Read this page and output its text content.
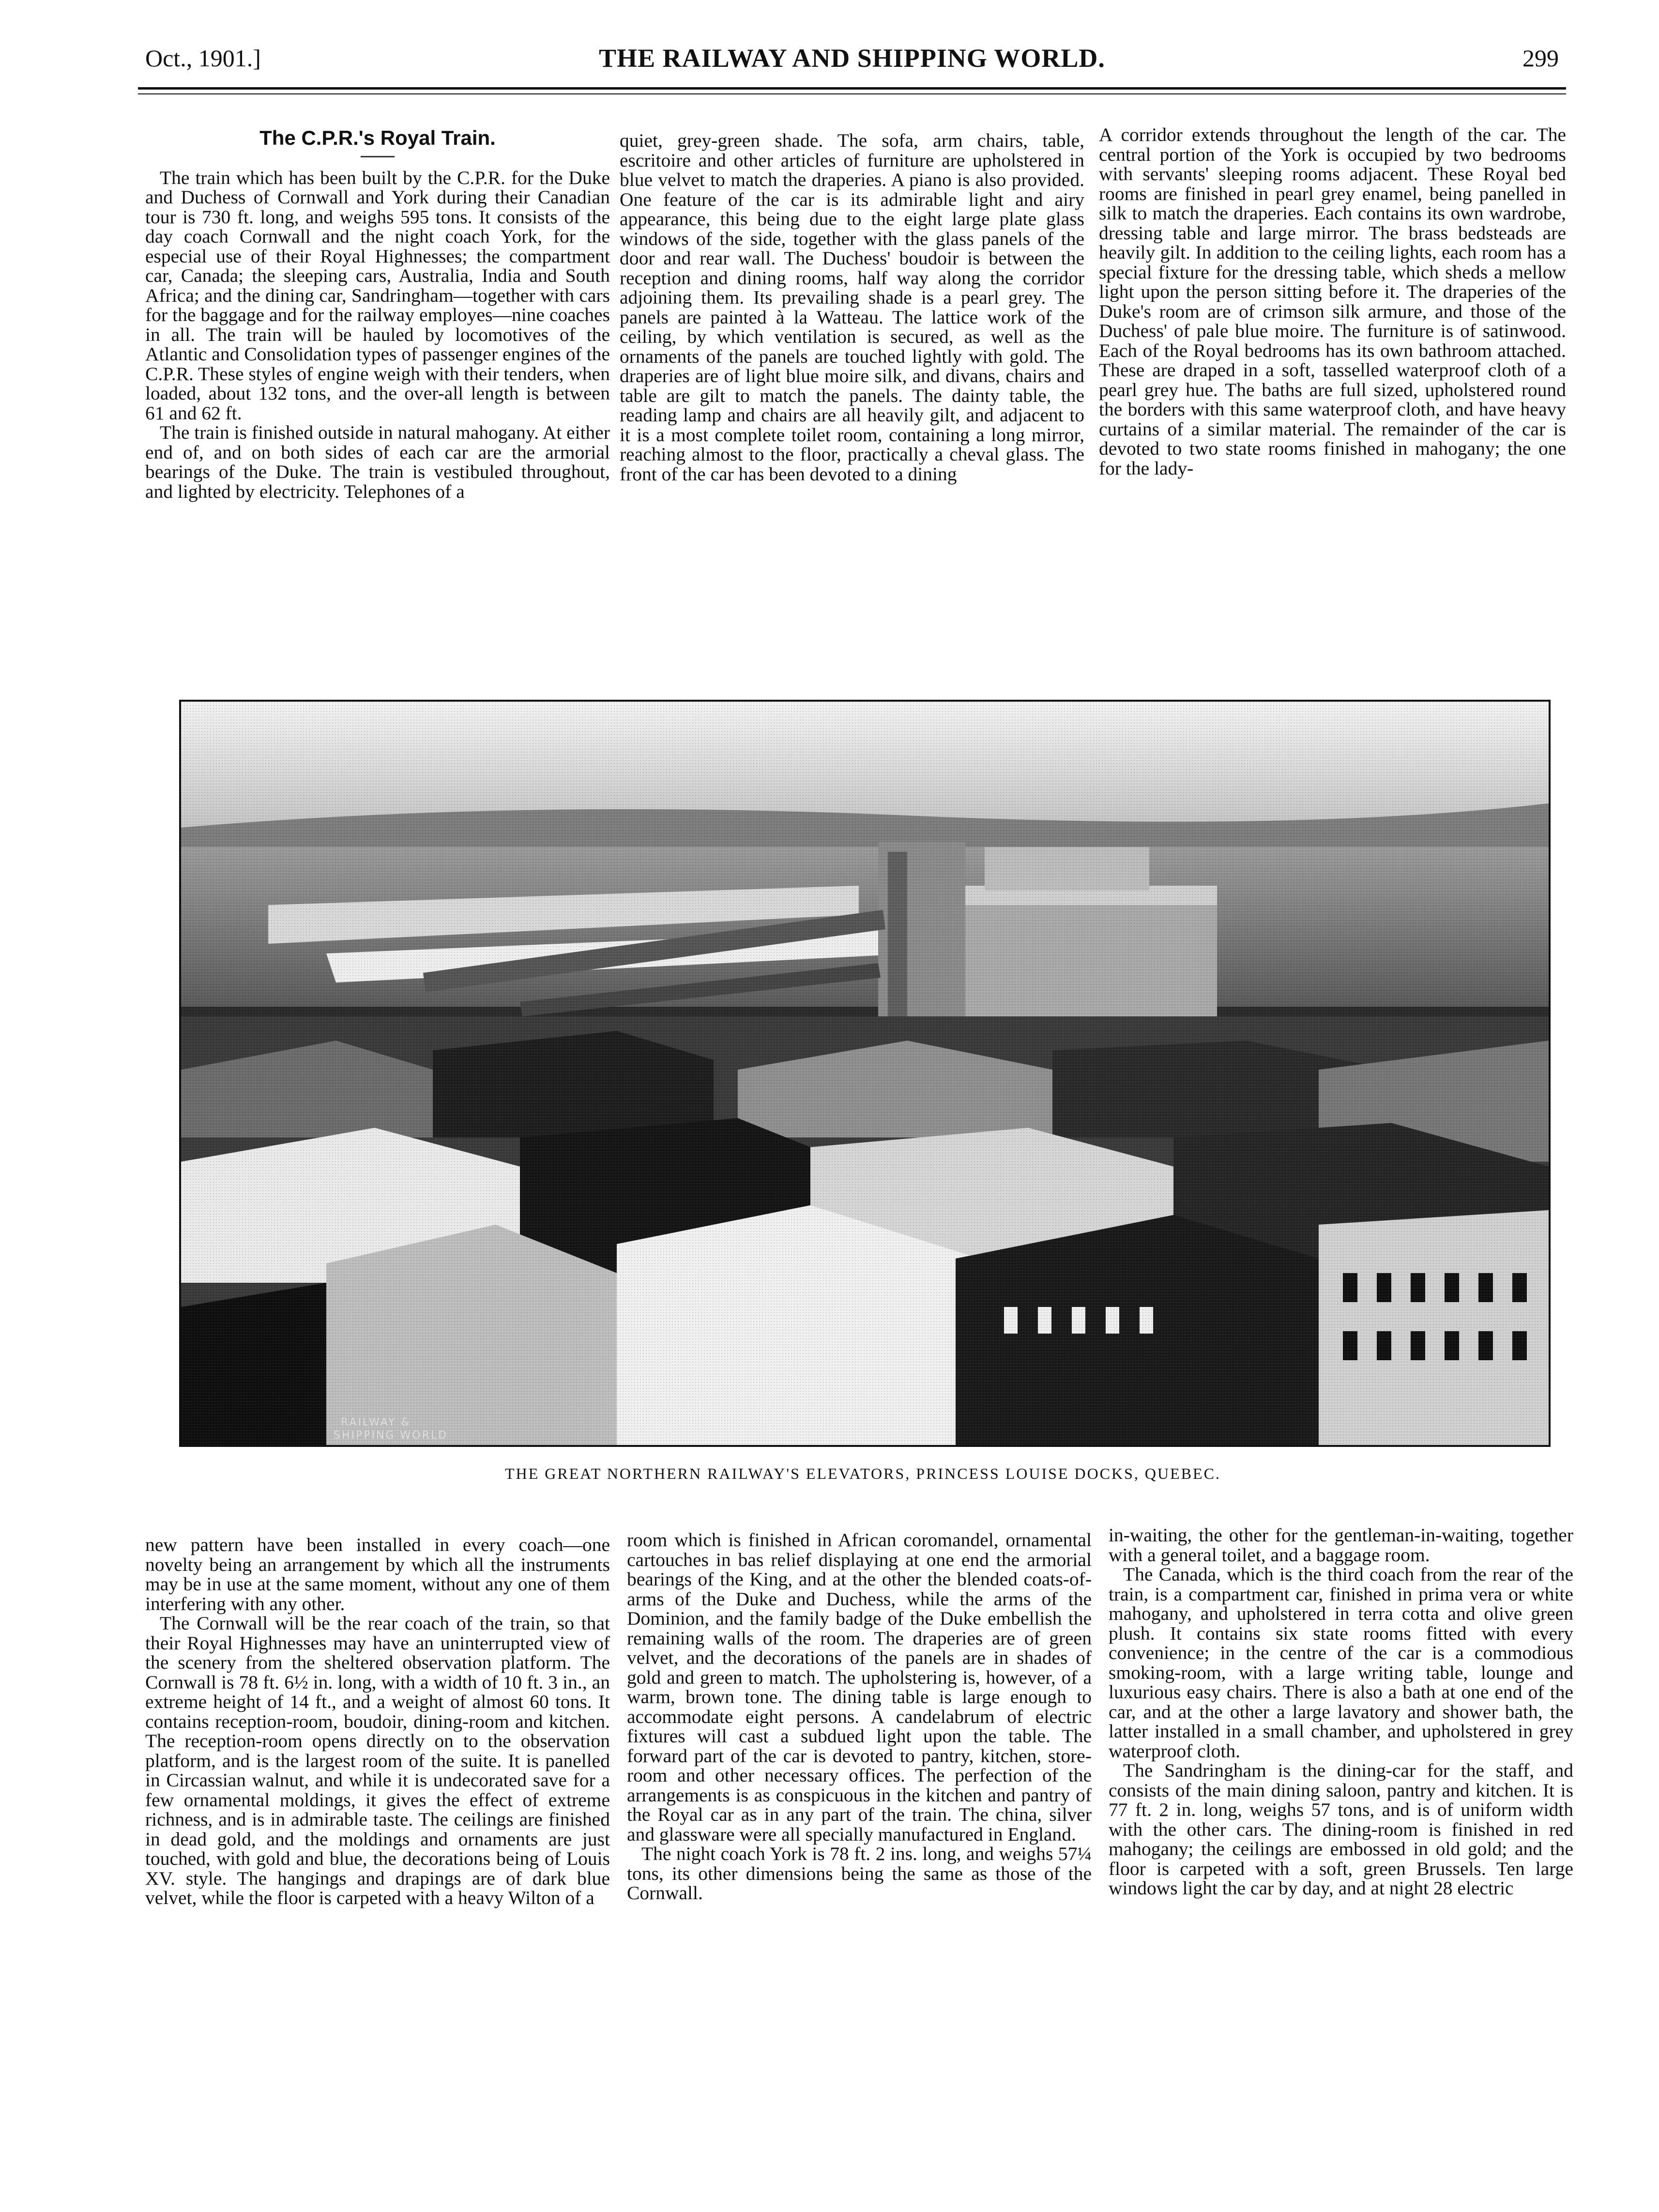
Oct., 1901.]	THE RAILWAY AND SHIPPING WORLD.	299
The C.P.R.'s Royal Train.

The train which has been built by the C.P.R. for the Duke and Duchess of Cornwall and York during their Canadian tour is 730 ft. long, and weighs 595 tons. It consists of the day coach Cornwall and the night coach York, for the especial use of their Royal Highnesses; the compartment car, Canada; the sleeping cars, Australia, India and South Africa; and the dining car, Sandringham—together with cars for the baggage and for the railway employes—nine coaches in all. The train will be hauled by locomotives of the Atlantic and Consolidation types of passenger engines of the C.P.R. These styles of engine weigh with their tenders, when loaded, about 132 tons, and the over-all length is between 61 and 62 ft.

The train is finished outside in natural mahogany. At either end of, and on both sides of each car are the armorial bearings of the Duke. The train is vestibuled throughout, and lighted by electricity. Telephones of a

quiet, grey-green shade. The sofa, arm chairs, table, escritoire and other articles of furniture are upholstered in blue velvet to match the draperies. A piano is also provided. One feature of the car is its admirable light and airy appearance, this being due to the eight large plate glass windows of the side, together with the glass panels of the door and rear wall. The Duchess' boudoir is between the reception and dining rooms, half way along the corridor adjoining them. Its prevailing shade is a pearl grey. The panels are painted à la Watteau. The lattice work of the ceiling, by which ventilation is secured, as well as the ornaments of the panels are touched lightly with gold. The draperies are of light blue moire silk, and divans, chairs and table are gilt to match the panels. The dainty table, the reading lamp and chairs are all heavily gilt, and adjacent to it is a most complete toilet room, containing a long mirror, reaching almost to the floor, practically a cheval glass. The front of the car has been devoted to a dining

A corridor extends throughout the length of the car. The central portion of the York is occupied by two bedrooms with servants' sleeping rooms adjacent. These Royal bed rooms are finished in pearl grey enamel, being panelled in silk to match the draperies. Each contains its own wardrobe, dressing table and large mirror. The brass bedsteads are heavily gilt. In addition to the ceiling lights, each room has a special fixture for the dressing table, which sheds a mellow light upon the person sitting before it. The draperies of the Duke's room are of crimson silk armure, and those of the Duchess' of pale blue moire. The furniture is of satinwood. Each of the Royal bedrooms has its own bathroom attached. These are draped in a soft, tasselled waterproof cloth of a pearl grey hue. The baths are full sized, upholstered round the borders with this same waterproof cloth, and have heavy curtains of a similar material. The remainder of the car is devoted to two state rooms finished in mahogany; the one for the lady-

RAILWAY &
SHIPPING WORLD
THE GREAT NORTHERN RAILWAY'S ELEVATORS, PRINCESS LOUISE DOCKS, QUEBEC.

new pattern have been installed in every coach—one novelty being an arrangement by which all the instruments may be in use at the same moment, without any one of them interfering with any other.

The Cornwall will be the rear coach of the train, so that their Royal Highnesses may have an uninterrupted view of the scenery from the sheltered observation platform. The Cornwall is 78 ft. 6½ in. long, with a width of 10 ft. 3 in., an extreme height of 14 ft., and a weight of almost 60 tons. It contains reception-room, boudoir, dining-room and kitchen. The reception-room opens directly on to the observation platform, and is the largest room of the suite. It is panelled in Circassian walnut, and while it is undecorated save for a few ornamental moldings, it gives the effect of extreme richness, and is in admirable taste. The ceilings are finished in dead gold, and the moldings and ornaments are just touched, with gold and blue, the decorations being of Louis XV. style. The hangings and drapings are of dark blue velvet, while the floor is carpeted with a heavy Wilton of a

room which is finished in African coromandel, ornamental cartouches in bas relief displaying at one end the armorial bearings of the King, and at the other the blended coats-of-arms of the Duke and Duchess, while the arms of the Dominion, and the family badge of the Duke embellish the remaining walls of the room. The draperies are of green velvet, and the decorations of the panels are in shades of gold and green to match. The upholstering is, however, of a warm, brown tone. The dining table is large enough to accommodate eight persons. A candelabrum of electric fixtures will cast a subdued light upon the table. The forward part of the car is devoted to pantry, kitchen, store-room and other necessary offices. The perfection of the arrangements is as conspicuous in the kitchen and pantry of the Royal car as in any part of the train. The china, silver and glassware were all specially manufactured in England.

The night coach York is 78 ft. 2 ins. long, and weighs 57¼ tons, its other dimensions being the same as those of the Cornwall.

in-waiting, the other for the gentleman-in-waiting, together with a general toilet, and a baggage room.

The Canada, which is the third coach from the rear of the train, is a compartment car, finished in prima vera or white mahogany, and upholstered in terra cotta and olive green plush. It contains six state rooms fitted with every convenience; in the centre of the car is a commodious smoking-room, with a large writing table, lounge and luxurious easy chairs. There is also a bath at one end of the car, and at the other a large lavatory and shower bath, the latter installed in a small chamber, and upholstered in grey waterproof cloth.

The Sandringham is the dining-car for the staff, and consists of the main dining saloon, pantry and kitchen. It is 77 ft. 2 in. long, weighs 57 tons, and is of uniform width with the other cars. The dining-room is finished in red mahogany; the ceilings are embossed in old gold; and the floor is carpeted with a soft, green Brussels. Ten large windows light the car by day, and at night 28 electric
